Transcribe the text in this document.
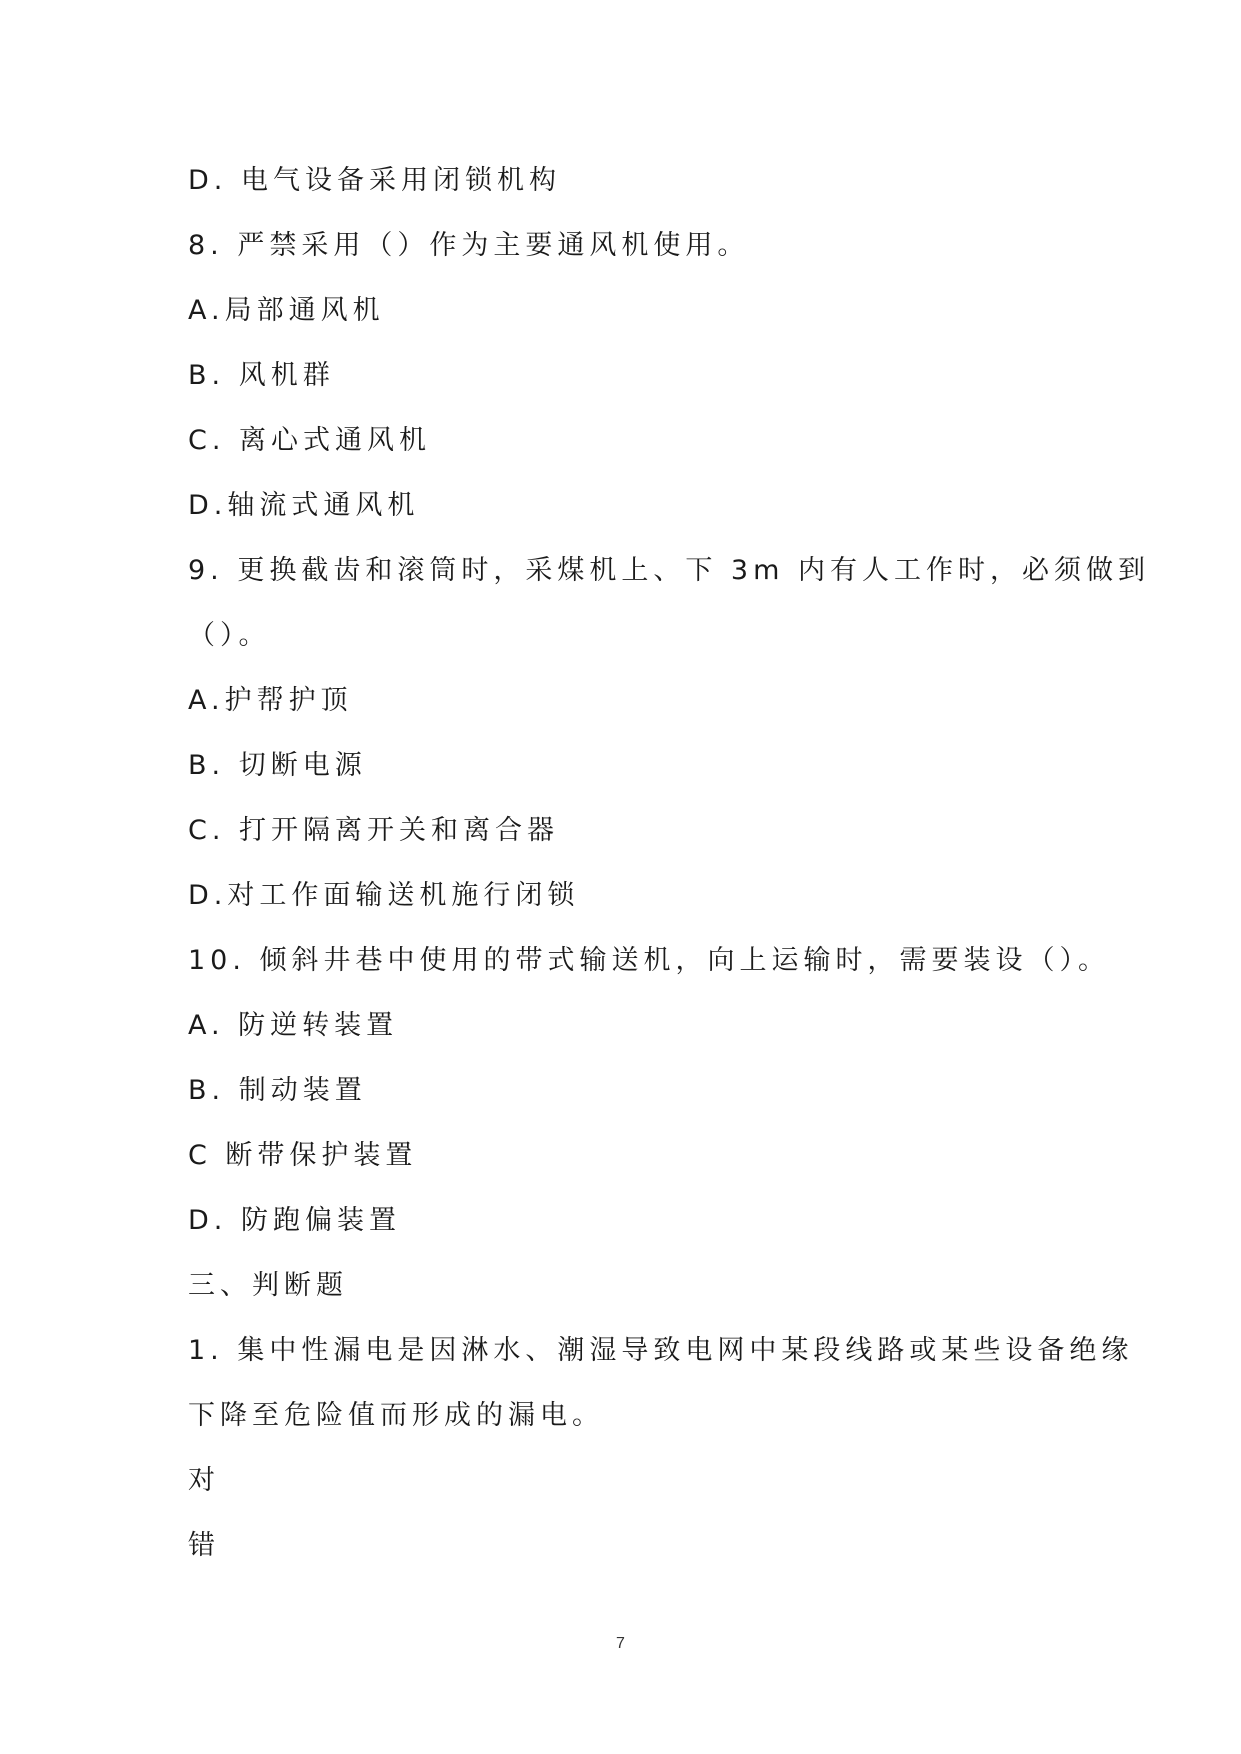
D. 电气设备采用闭锁机构
8. 严禁采用（）作为主要通风机使用。
A.局部通风机
B. 风机群
C. 离心式通风机
D.轴流式通风机
9. 更换截齿和滚筒时，采煤机上、下 3m 内有人工作时，必须做到
（）。
A.护帮护顶
B. 切断电源
C. 打开隔离开关和离合器
D.对工作面输送机施行闭锁
10. 倾斜井巷中使用的带式输送机，向上运输时，需要装设（）。
A. 防逆转装置
B. 制动装置
C 断带保护装置
D. 防跑偏装置
三、判断题
1. 集中性漏电是因淋水、潮湿导致电网中某段线路或某些设备绝缘
下降至危险值而形成的漏电。
对
错
7
